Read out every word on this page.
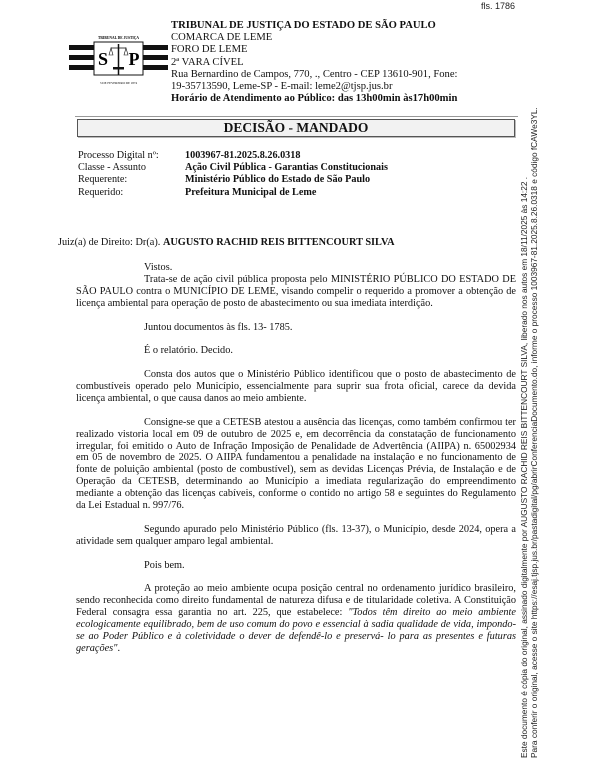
fls. 1786
TRIBUNAL DE JUSTIÇA
S P
3 DE FEVEREIRO DE 1874
TRIBUNAL DE JUSTIÇA DO ESTADO DE SÃO PAULO
COMARCA DE LEME
FORO DE LEME
2ª VARA CÍVEL
Rua Bernardino de Campos, 770, ., Centro - CEP 13610-901, Fone:
19-35713590, Leme-SP - E-mail: leme2@tjsp.jus.br
Horário de Atendimento ao Público: das 13h00min às17h00min
DECISÃO - MANDADO
Processo Digital nº:	1003967-81.2025.8.26.0318
Classe - Assunto	Ação Civil Pública - Garantias Constitucionais
Requerente:	Ministério Público do Estado de São Paulo
Requerido:	Prefeitura Municipal de Leme
Juiz(a) de Direito: Dr(a). AUGUSTO RACHID REIS BITTENCOURT SILVA

Vistos.

Trata-se de ação civil pública proposta pelo MINISTÉRIO PÚBLICO DO ESTADO DE SÃO PAULO contra o MUNICÍPIO DE LEME, visando compelir o requerido a promover a obtenção de licença ambiental para operação de posto de abastecimento ou sua imediata interdição.

Juntou documentos às fls. 13- 1785.

É o relatório. Decido.

Consta dos autos que o Ministério Público identificou que o posto de abastecimento de combustíveis operado pelo Município, essencialmente para suprir sua frota oficial, carece da devida licença ambiental, o que causa danos ao meio ambiente.

Consigne-se que a CETESB atestou a ausência das licenças, como também confirmou ter realizado vistoria local em 09 de outubro de 2025 e, em decorrência da constatação de funcionamento irregular, foi emitido o Auto de Infração Imposição de Penalidade de Advertência (AIIPA) n. 65002934 em 05 de novembro de 2025. O AIIPA fundamentou a penalidade na instalação e no funcionamento de fonte de poluição ambiental (posto de combustível), sem as devidas Licenças Prévia, de Instalação e de Operação da CETESB, determinando ao Município a imediata regularização do empreendimento mediante a obtenção das licenças cabíveis, conforme o contido no artigo 58 e seguintes do Regulamento da Lei Estadual n. 997/76.

Segundo apurado pelo Ministério Público (fls. 13-37), o Município, desde 2024, opera a atividade sem qualquer amparo legal ambiental.

Pois bem.

A proteção ao meio ambiente ocupa posição central no ordenamento jurídico brasileiro, sendo reconhecida como direito fundamental de natureza difusa e de titularidade coletiva. A Constituição Federal consagra essa garantia no art. 225, que estabelece: "Todos têm direito ao meio ambiente ecologicamente equilibrado, bem de uso comum do povo e essencial à sadia qualidade de vida, impondo-se ao Poder Público e à coletividade o dever de defendê-lo e preservá- lo para as presentes e futuras gerações".	Este documento é cópia do original, assinado digitalmente por AUGUSTO RACHID REIS BITTENCOURT SILVA, liberado nos autos em 18/11/2025 às 14:22 . Para conferir o original, acesse o site https://esaj.tjsp.jus.br/pastadigital/pg/abrirConferenciaDocumento.do, informe o processo 1003967-81.2025.8.26.0318 e código fCAWe3YL.
